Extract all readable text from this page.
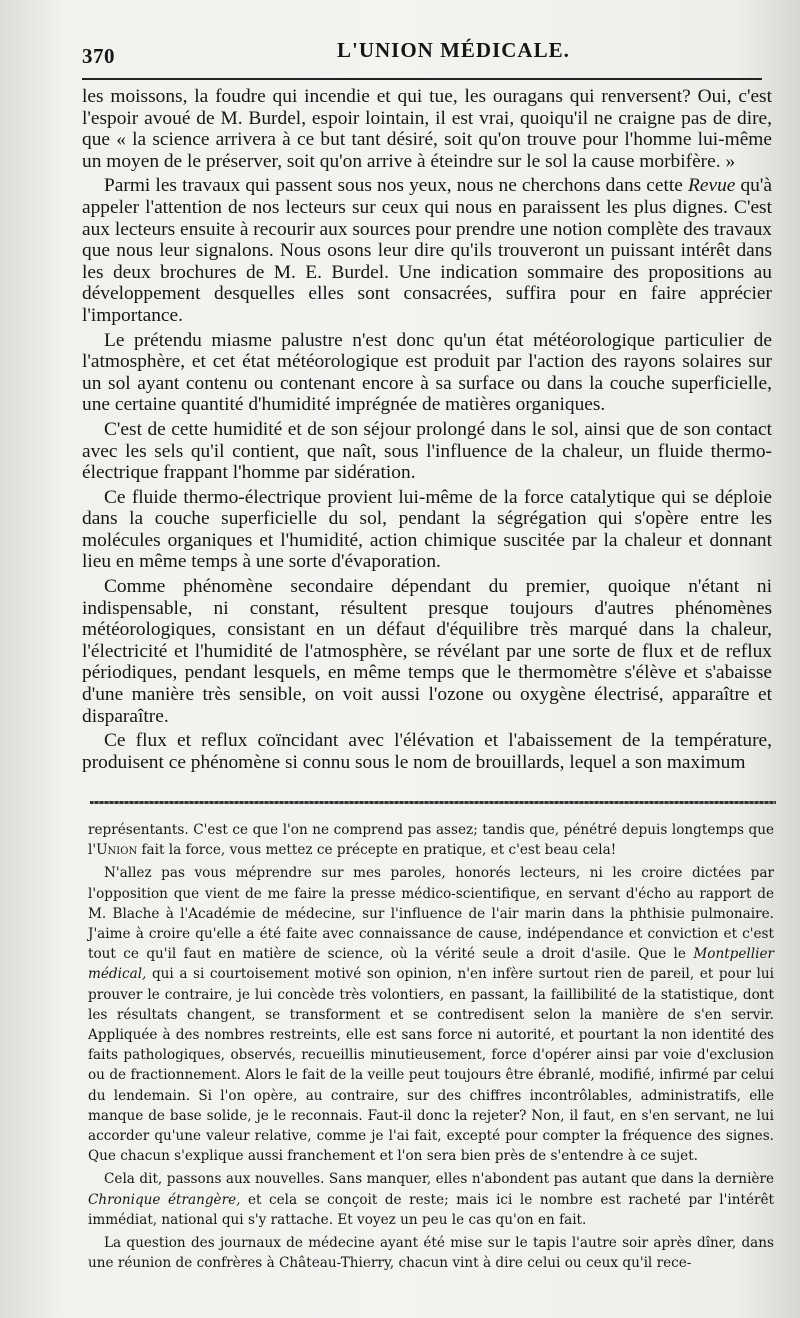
370	L'UNION MÉDICALE.

les moissons, la foudre qui incendie et qui tue, les ouragans qui renversent? Oui, c'est l'espoir avoué de M. Burdel, espoir lointain, il est vrai, quoiqu'il ne craigne pas de dire, que « la science arrivera à ce but tant désiré, soit qu'on trouve pour l'homme lui-même un moyen de le préserver, soit qu'on arrive à éteindre sur le sol la cause morbifère. »

Parmi les travaux qui passent sous nos yeux, nous ne cherchons dans cette Revue qu'à appeler l'attention de nos lecteurs sur ceux qui nous en paraissent les plus dignes. C'est aux lecteurs ensuite à recourir aux sources pour prendre une notion complète des travaux que nous leur signalons. Nous osons leur dire qu'ils trouveront un puissant intérêt dans les deux brochures de M. E. Burdel. Une indication sommaire des propositions au développement desquelles elles sont consacrées, suffira pour en faire apprécier l'importance.

Le prétendu miasme palustre n'est donc qu'un état météorologique particulier de l'atmosphère, et cet état météorologique est produit par l'action des rayons solaires sur un sol ayant contenu ou contenant encore à sa surface ou dans la couche superficielle, une certaine quantité d'humidité imprégnée de matières organiques.

C'est de cette humidité et de son séjour prolongé dans le sol, ainsi que de son contact avec les sels qu'il contient, que naît, sous l'influence de la chaleur, un fluide thermo-électrique frappant l'homme par sidération.

Ce fluide thermo-électrique provient lui-même de la force catalytique qui se déploie dans la couche superficielle du sol, pendant la ségrégation qui s'opère entre les molécules organiques et l'humidité, action chimique suscitée par la chaleur et donnant lieu en même temps à une sorte d'évaporation.

Comme phénomène secondaire dépendant du premier, quoique n'étant ni indispensable, ni constant, résultent presque toujours d'autres phénomènes météorologiques, consistant en un défaut d'équilibre très marqué dans la chaleur, l'électricité et l'humidité de l'atmosphère, se révélant par une sorte de flux et de reflux périodiques, pendant lesquels, en même temps que le thermomètre s'élève et s'abaisse d'une manière très sensible, on voit aussi l'ozone ou oxygène électrisé, apparaître et disparaître.

Ce flux et reflux coïncidant avec l'élévation et l'abaissement de la température, produisent ce phénomène si connu sous le nom de brouillards, lequel a son maximum

représentants. C'est ce que l'on ne comprend pas assez; tandis que, pénétré depuis longtemps que l'Union fait la force, vous mettez ce précepte en pratique, et c'est beau cela!

N'allez pas vous méprendre sur mes paroles, honorés lecteurs, ni les croire dictées par l'opposition que vient de me faire la presse médico-scientifique, en servant d'écho au rapport de M. Blache à l'Académie de médecine, sur l'influence de l'air marin dans la phthisie pulmonaire. J'aime à croire qu'elle a été faite avec connaissance de cause, indépendance et conviction et c'est tout ce qu'il faut en matière de science, où la vérité seule a droit d'asile. Que le Montpellier médical, qui a si courtoisement motivé son opinion, n'en infère surtout rien de pareil, et pour lui prouver le contraire, je lui concède très volontiers, en passant, la faillibilité de la statistique, dont les résultats changent, se transforment et se contredisent selon la manière de s'en servir. Appliquée à des nombres restreints, elle est sans force ni autorité, et pourtant la non identité des faits pathologiques, observés, recueillis minutieusement, force d'opérer ainsi par voie d'exclusion ou de fractionnement. Alors le fait de la veille peut toujours être ébranlé, modifié, infirmé par celui du lendemain. Si l'on opère, au contraire, sur des chiffres incontrôlables, administratifs, elle manque de base solide, je le reconnais. Faut-il donc la rejeter? Non, il faut, en s'en servant, ne lui accorder qu'une valeur relative, comme je l'ai fait, excepté pour compter la fréquence des signes. Que chacun s'explique aussi franchement et l'on sera bien près de s'entendre à ce sujet.

Cela dit, passons aux nouvelles. Sans manquer, elles n'abondent pas autant que dans la dernière Chronique étrangère, et cela se conçoit de reste; mais ici le nombre est racheté par l'intérêt immédiat, national qui s'y rattache. Et voyez un peu le cas qu'on en fait.

La question des journaux de médecine ayant été mise sur le tapis l'autre soir après dîner, dans une réunion de confrères à Château-Thierry, chacun vint à dire celui ou ceux qu'il rece-
